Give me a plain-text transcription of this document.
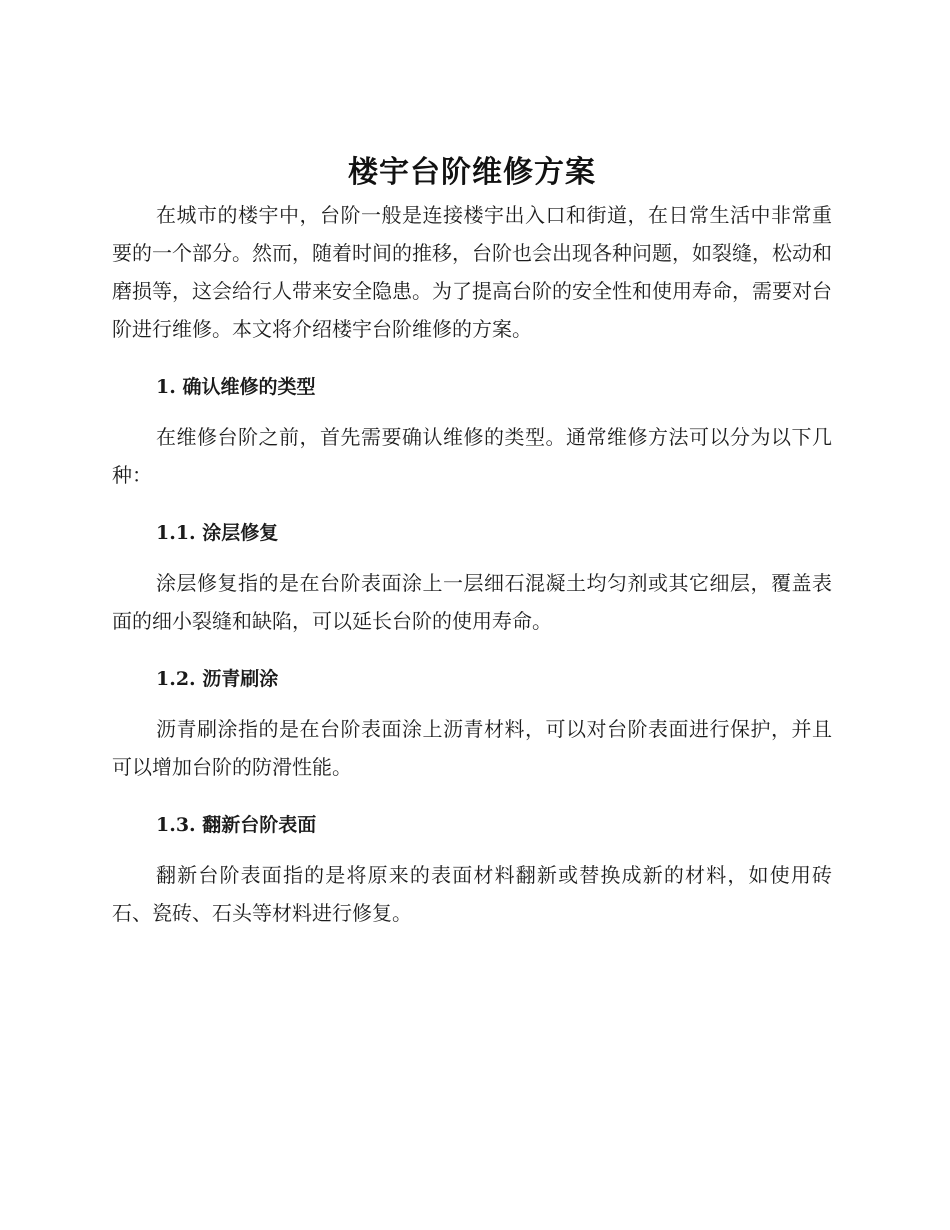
楼宇台阶维修方案

在城市的楼宇中，台阶一般是连接楼宇出入口和街道，在日常生活中非常重要的一个部分。然而，随着时间的推移，台阶也会出现各种问题，如裂缝，松动和磨损等，这会给行人带来安全隐患。为了提高台阶的安全性和使用寿命，需要对台阶进行维修。本文将介绍楼宇台阶维修的方案。

1. 确认维修的类型

在维修台阶之前，首先需要确认维修的类型。通常维修方法可以分为以下几种：

1.1. 涂层修复

涂层修复指的是在台阶表面涂上一层细石混凝土均匀剂或其它细层，覆盖表面的细小裂缝和缺陷，可以延长台阶的使用寿命。

1.2. 沥青刷涂

沥青刷涂指的是在台阶表面涂上沥青材料，可以对台阶表面进行保护，并且可以增加台阶的防滑性能。

1.3. 翻新台阶表面

翻新台阶表面指的是将原来的表面材料翻新或替换成新的材料，如使用砖石、瓷砖、石头等材料进行修复。
